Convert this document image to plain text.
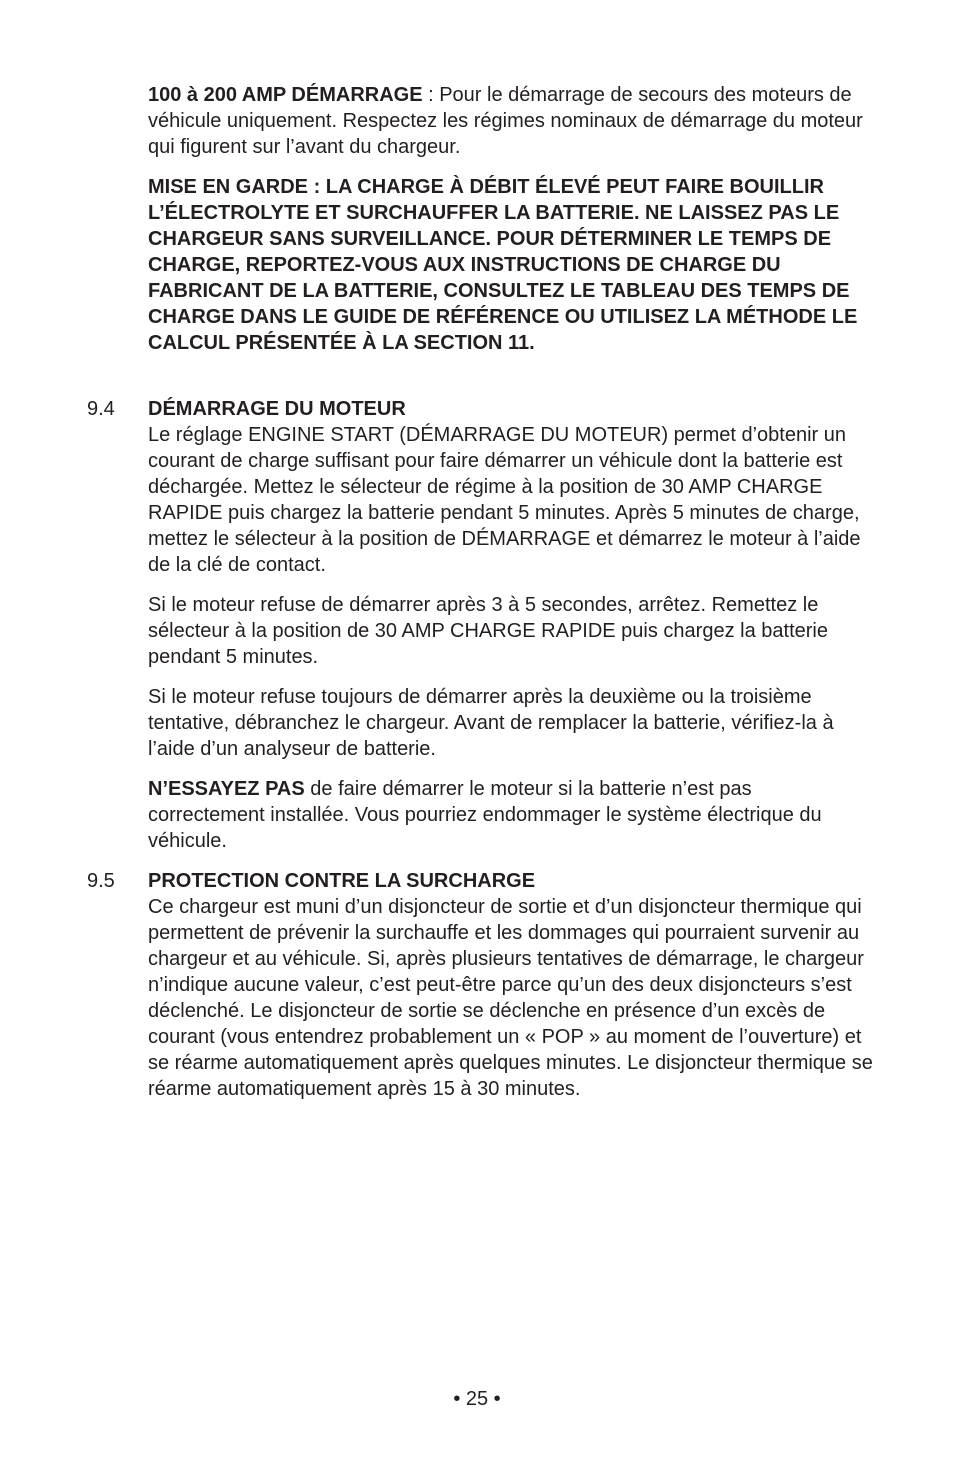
100 à 200 AMP DÉMARRAGE : Pour le démarrage de secours des moteurs de véhicule uniquement. Respectez les régimes nominaux de démarrage du moteur qui figurent sur l’avant du chargeur.

MISE EN GARDE : LA CHARGE À DÉBIT ÉLEVÉ PEUT FAIRE BOUILLIR L’ÉLECTROLYTE ET SURCHAUFFER LA BATTERIE. NE LAISSEZ PAS LE CHARGEUR SANS SURVEILLANCE. POUR DÉTERMINER LE TEMPS DE CHARGE, REPORTEZ-VOUS AUX INSTRUCTIONS DE CHARGE DU FABRICANT DE LA BATTERIE, CONSULTEZ LE TABLEAU DES TEMPS DE CHARGE DANS LE GUIDE DE RÉFÉRENCE OU UTILISEZ LA MÉTHODE LE CALCUL PRÉSENTÉE À LA SECTION 11.

9.4 DÉMARRAGE DU MOTEUR
Le réglage ENGINE START (DÉMARRAGE DU MOTEUR) permet d’obtenir un courant de charge suffisant pour faire démarrer un véhicule dont la batterie est déchargée. Mettez le sélecteur de régime à la position de 30 AMP CHARGE RAPIDE puis chargez la batterie pendant 5 minutes. Après 5 minutes de charge, mettez le sélecteur à la position de DÉMARRAGE et démarrez le moteur à l’aide de la clé de contact.

Si le moteur refuse de démarrer après 3 à 5 secondes, arrêtez. Remettez le sélecteur à la position de 30 AMP CHARGE RAPIDE puis chargez la batterie pendant 5 minutes.

Si le moteur refuse toujours de démarrer après la deuxième ou la troisième tentative, débranchez le chargeur. Avant de remplacer la batterie, vérifiez-la à l’aide d’un analyseur de batterie.

N’ESSAYEZ PAS de faire démarrer le moteur si la batterie n’est pas correctement installée. Vous pourriez endommager le système électrique du véhicule.

9.5 PROTECTION CONTRE LA SURCHARGE
Ce chargeur est muni d’un disjoncteur de sortie et d’un disjoncteur thermique qui permettent de prévenir la surchauffe et les dommages qui pourraient survenir au chargeur et au véhicule. Si, après plusieurs tentatives de démarrage, le chargeur n’indique aucune valeur, c’est peut-être parce qu’un des deux disjoncteurs s’est déclenché. Le disjoncteur de sortie se déclenche en présence d’un excès de courant (vous entendrez probablement un « POP » au moment de l’ouverture) et se réarme automatiquement après quelques minutes. Le disjoncteur thermique se réarme automatiquement après 15 à 30 minutes.
• 25 •
